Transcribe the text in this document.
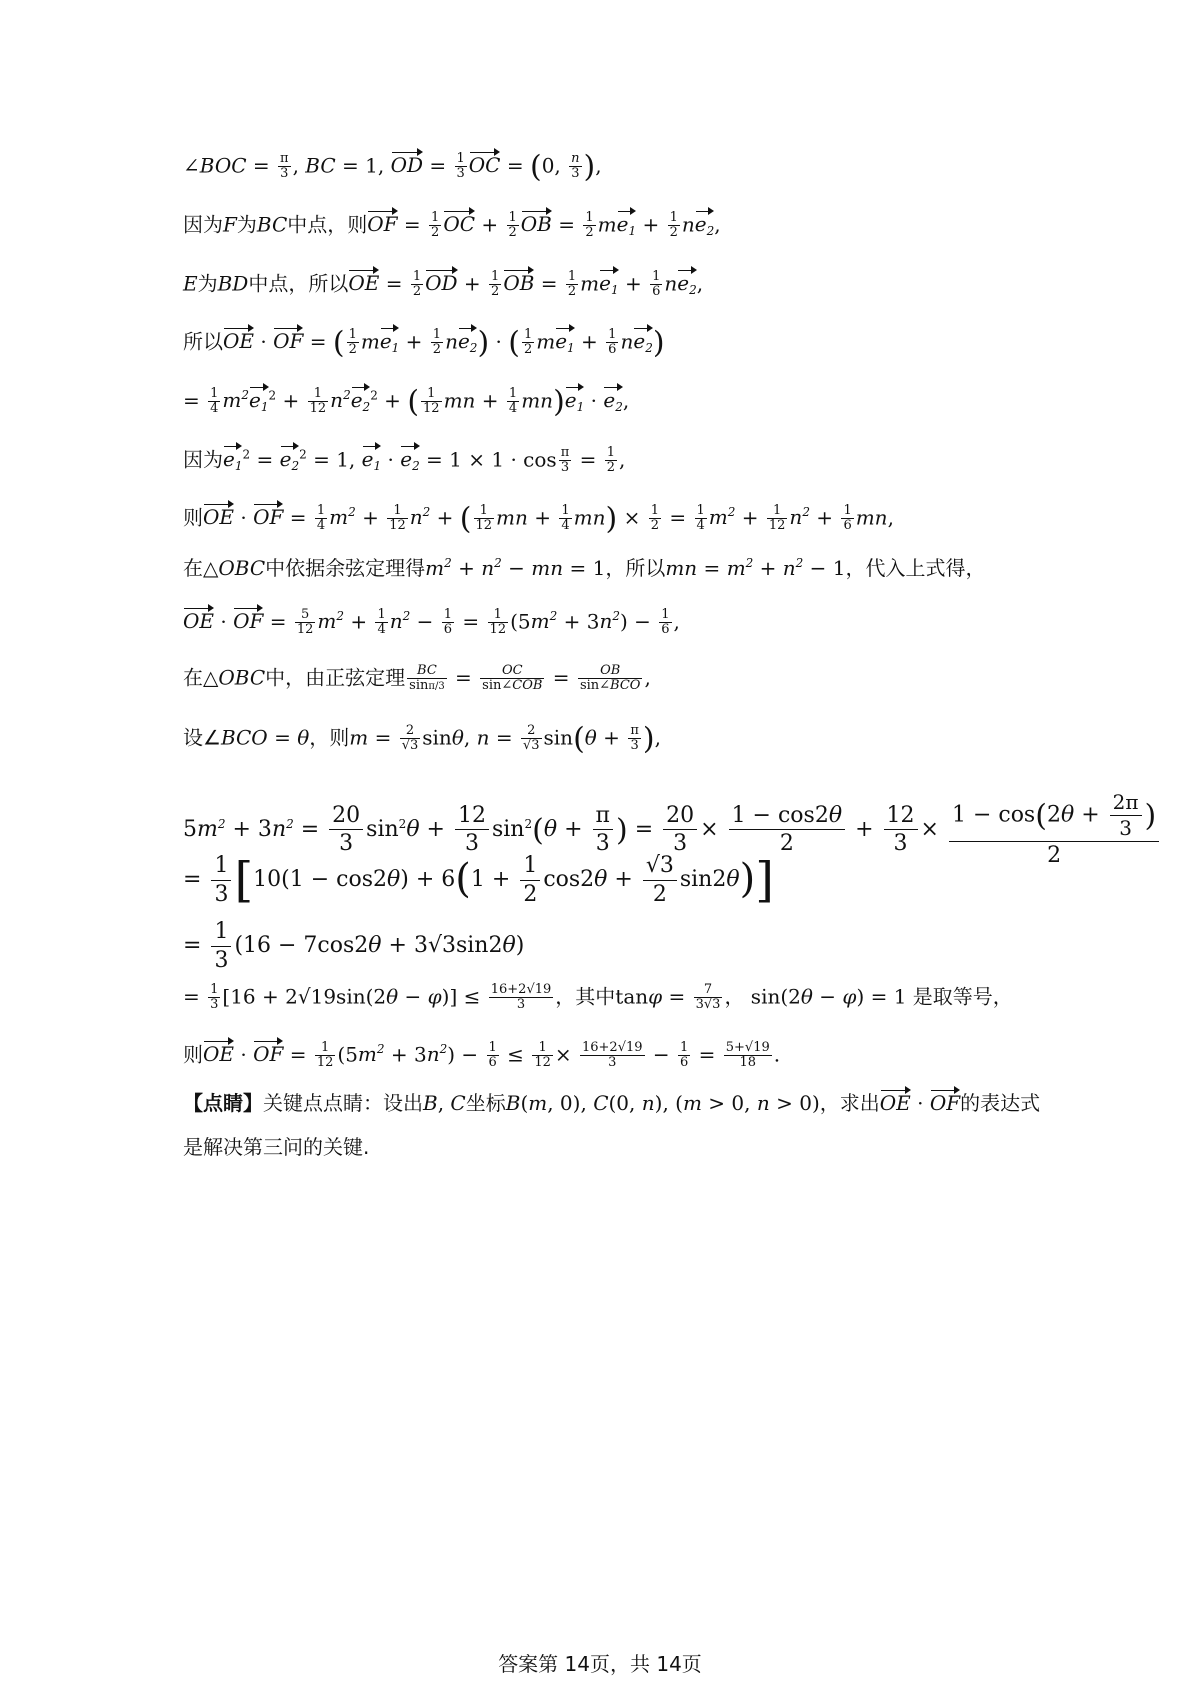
∠BOC = $\frac{\pi}{3}$ , BC = 1, OD = $\frac{1}{3}$ OC = (0, $\frac{n}{3}$ ),
因为F为BC中点，则OF = $\frac{1}{2}$ OC + $\frac{1}{2}$ OB = $\frac{1}{2} me_1 + \frac{1}{2} ne_2$,
E为BD中点，所以OE = $\frac{1}{2}$ OD + $\frac{1}{2}$ OB = $\frac{1}{2} me_1 + \frac{1}{6} ne_2$,
所以OE · OF = ( $\frac{1}{2} me_1 + \frac{1}{2} ne_2$) · ( $\frac{1}{2} me_1 + \frac{1}{6} ne_2$)
= $\frac{1}{4} m^2e_1^2 + \frac{1}{12} n^2e_2^2$ + ( $\frac{1}{12}$ mn + $\frac{1}{4} mn)e_1 \cdot e_2$,
因为$e_1^2 = e_2^2 = 1$, $e_1 \cdot e_2 = 1 \times 1 \cdot \cos \frac{\pi}{3} = \frac{1}{2}$ ,
则OE · OF = $\frac{1}{4} m^2 + \frac{1}{12} n^2$ + ( $\frac{1}{12}$ mn + $\frac{1}{4} mn) \times \frac{1}{2} = \frac{1}{4} m^2 + \frac{1}{12} n^2 + \frac{1}{6}$ mn,
在△OBC中依据余弦定理得$m^2 + n^2$ − mn = 1，所以mn = $m^2 + n^2 - 1$，代入上式得，
OE · OF = $\frac{5}{12} m^2 + \frac{1}{4} n^2 - \frac{1}{6} = \frac{1}{12} (5m^2 + 3n^2) - \frac{1}{6}$ ,
在△OBC中，由正弦定理 $\frac{BC}{\sin\pi/3} = \frac{OC}{\text{sin∠COB}} = \frac{OB}{\text{sin∠BCO}}$ ,
设∠BCO = θ，则$m = \frac{2}{√3} \sin\theta$, $n = \frac{2}{√3} \sin(\theta + \frac{\pi}{3}$ ),
$5m^2 + 3n^2 = \frac{20}{3} \sin^2\theta + \frac{12}{3} \sin^2(\theta + \frac{\pi}{3}$ ) = $\frac{20}{3} \times \frac{1 - \cos 2\theta}{2} + \frac{12}{3} \times \frac{1 - \cos(2\theta + \frac{2\pi}{3} )}{2}$
= $\frac{1}{3} [10(1 - \cos 2\theta) + 6(1 + \frac{1}{2} \cos 2\theta + \frac{√3}{2} \sin 2\theta)]$
= $\frac{1}{3} (16 - 7\cos 2\theta + 3√3\sin 2\theta)$
= $\frac{1}{3} [16 + 2√19\sin(2\theta - \varphi)] \le \frac{16+2√19}{3}$ ，其中$\tan\varphi = \frac{7}{3√3}$ ， sin(2θ − φ) = 1 是取等号，
则OE · OF = $\frac{1}{12} (5m^2 + 3n^2) - \frac{1}{6} \le \frac{1}{12} \times \frac{16+2√19}{3} - \frac{1}{6} = \frac{5+√19}{18}$ .
【点睛】关键点点睛：设出B, C坐标B(m, 0), C(0, n), (m > 0, n > 0)，求出OE · OF的表达式
是解决第三问的关键.
答案第 14页，共 14页
